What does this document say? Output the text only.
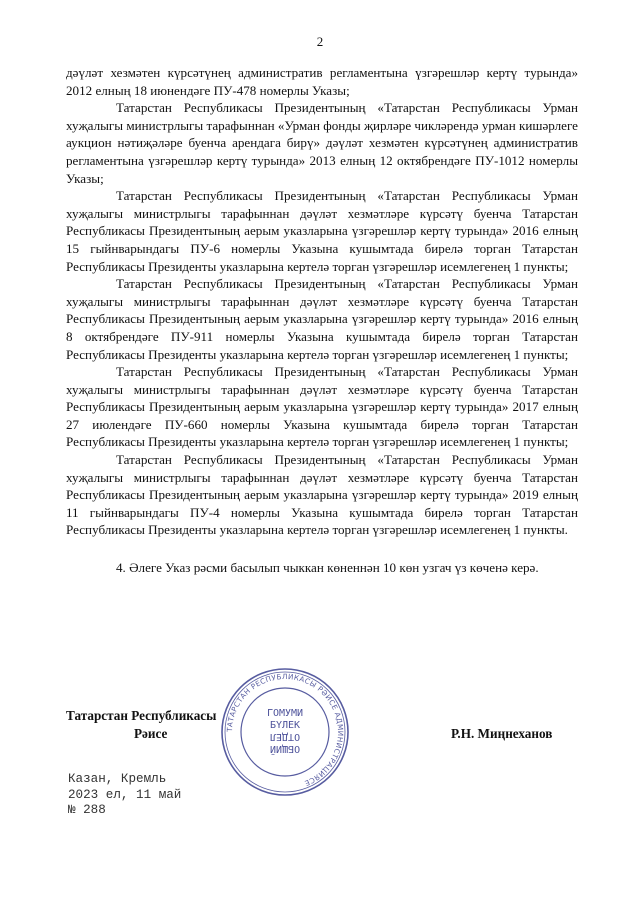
2

дәүләт хезмәтен күрсәтүнең административ регламентына үзгәрешләр кертү турында» 2012 елның 18 июнендәге ПУ-478 номерлы Указы;

Татарстан Республикасы Президентының «Татарстан Республикасы Урман хуҗалыгы министрлыгы тарафыннан «Урман фонды җирләре чикләрендә урман кишәрлеге аукцион нәтиҗәләре буенча арендага бирү» дәүләт хезмәтен күрсәтүнең административ регламентына үзгәрешләр кертү турында» 2013 елның 12 октябрендәге ПУ-1012 номерлы Указы;

Татарстан Республикасы Президентының «Татарстан Республикасы Урман хуҗалыгы министрлыгы тарафыннан дәүләт хезмәтләре күрсәтү буенча Татарстан Республикасы Президентының аерым указларына үзгәрешләр кертү турында» 2016 елның 15 гыйнварындагы ПУ-6 номерлы Указына кушымтада бирелә торган Татарстан Республикасы Президенты указларына кертелә торган үзгәрешләр исемлегенең 1 пункты;

Татарстан Республикасы Президентының «Татарстан Республикасы Урман хуҗалыгы министрлыгы тарафыннан дәүләт хезмәтләре күрсәтү буенча Татарстан Республикасы Президентының аерым указларына үзгәрешләр кертү турында» 2016 елның 8 октябрендәге ПУ-911 номерлы Указына кушымтада бирелә торган Татарстан Республикасы Президенты указларына кертелә торган үзгәрешләр исемлегенең 1 пункты;

Татарстан Республикасы Президентының «Татарстан Республикасы Урман хуҗалыгы министрлыгы тарафыннан дәүләт хезмәтләре күрсәтү буенча Татарстан Республикасы Президентының аерым указларына үзгәрешләр кертү турында» 2017 елның 27 июлендәге ПУ-660 номерлы Указына кушымтада бирелә торган Татарстан Республикасы Президенты указларына кертелә торган үзгәрешләр исемлегенең 1 пункты;

Татарстан Республикасы Президентының «Татарстан Республикасы Урман хуҗалыгы министрлыгы тарафыннан дәүләт хезмәтләре күрсәтү буенча Татарстан Республикасы Президентының аерым указларына үзгәрешләр кертү турында» 2019 елның 11 гыйнварындагы ПУ-4 номерлы Указына кушымтада бирелә торган Татарстан Республикасы Президенты указларына кертелә торган үзгәрешләр исемлегенең 1 пункты.

4. Әлеге Указ рәсми басылып чыккан көненнән 10 көн узгач үз көченә керә.

Татарстан Республикасы
Рәисе	Р.Н. Миңнеханов
ТАТАРСТАН РЕСПУБЛИКАСЫ РӘИСЕ АДМИНИСТРАЦИЯСЕ
ГОМУМИ
БҮЛЕК
ОТДЕЛ
ОБЩИЙ
Казан, Кремль
2023 ел, 11 май
№ 288
